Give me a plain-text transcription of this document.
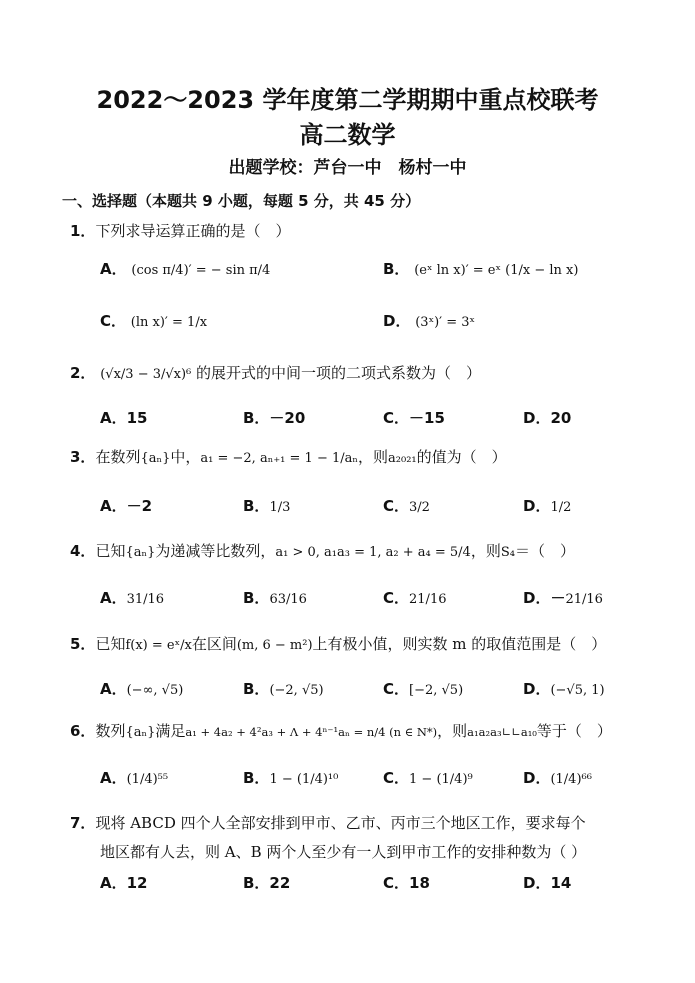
2022～2023 学年度第二学期期中重点校联考
高二数学
出题学校：芦台一中　杨村一中
一、选择题（本题共 9 小题，每题 5 分，共 45 分）
1．下列求导运算正确的是（　）
A． (cos π/4)′ = − sin π/4	B． (eˣ ln x)′ = eˣ (1/x − ln x)
C． (ln x)′ = 1/x	D． (3ˣ)′ = 3ˣ
2． (√x/3 − 3/√x)⁶ 的展开式的中间一项的二项式系数为（　）
A．15	B．－20	C．－15	D．20
3．在数列{aₙ}中，a₁ = −2, aₙ₊₁ = 1 − 1/aₙ，则a₂₀₂₁的值为（　）
A．－2	B．1/3	C．3/2	D．1/2
4．已知{aₙ}为递减等比数列，a₁ > 0, a₁a₃ = 1, a₂ + a₄ = 5/4，则S₄＝（　）
A．31/16	B．63/16	C．21/16	D．－21/16
5．已知f(x) = eˣ/x在区间(m, 6 − m²)上有极小值，则实数 m 的取值范围是（　）
A．(−∞, √5)	B．(−2, √5)	C．[−2, √5)	D．(−√5, 1)
6．数列{aₙ}满足a₁ + 4a₂ + 4²a₃ + Λ + 4ⁿ⁻¹aₙ = n/4 (n ∈ N*)，则a₁a₂a₃∟∟a₁₀等于（　）
A．(1/4)⁵⁵	B．1 − (1/4)¹⁰	C．1 − (1/4)⁹	D．(1/4)⁶⁶
7．现将 ABCD 四个人全部安排到甲市、乙市、丙市三个地区工作，要求每个
地区都有人去，则 A、B 两个人至少有一人到甲市工作的安排种数为（ ）
A．12	B．22	C．18	D．14
